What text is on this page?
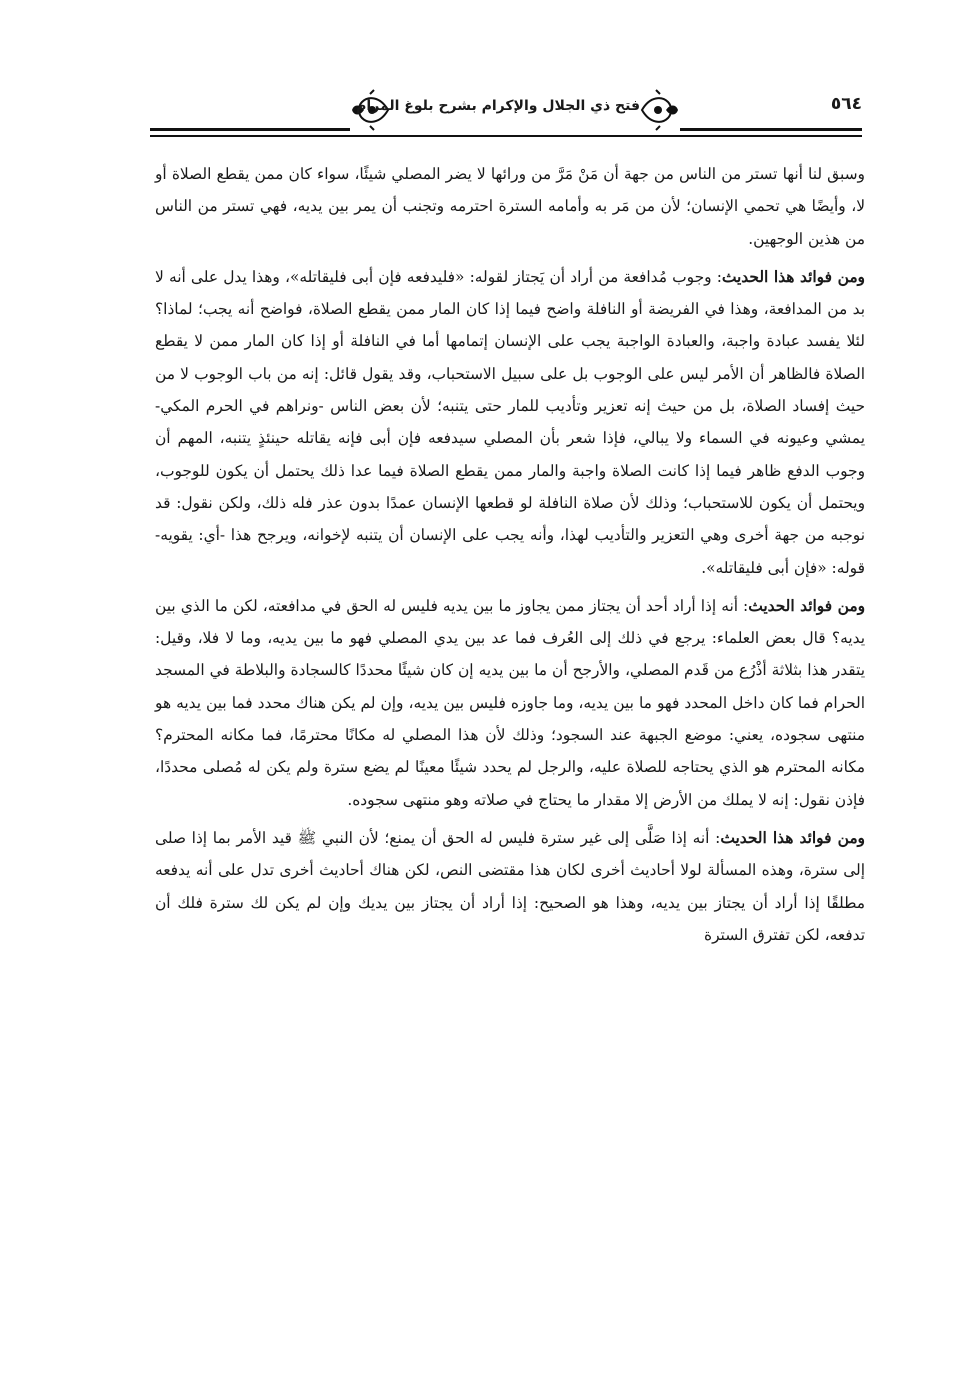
فتح ذي الجلال والإكرام بشرح بلوغ المرام	٥٦٤

وسبق لنا أنها تستر من الناس من جهة أن مَنْ مَرَّ من ورائها لا يضر المصلي شيئًا، سواء كان ممن يقطع الصلاة أو لا، وأيضًا هي تحمي الإنسان؛ لأن من مَر به وأمامه السترة احترمه وتجنب أن يمر بين يديه، فهي تستر من الناس من هذين الوجهين.

ومن فوائد هذا الحديث: وجوب مُدافعة من أراد أن يَجتاز لقوله: «فليدفعه فإن أبى فليقاتله»، وهذا يدل على أنه لا بد من المدافعة، وهذا في الفريضة أو النافلة واضح فيما إذا كان المار ممن يقطع الصلاة، فواضح أنه يجب؛ لماذا؟ لئلا يفسد عبادة واجبة، والعبادة الواجبة يجب على الإنسان إتمامها أما في النافلة أو إذا كان المار ممن لا يقطع الصلاة فالظاهر أن الأمر ليس على الوجوب بل على سبيل الاستحباب، وقد يقول قائل: إنه من باب الوجوب لا من حيث إفساد الصلاة، بل من حيث إنه تعزير وتأديب للمار حتى يتنبه؛ لأن بعض الناس -ونراهم في الحرم المكي- يمشي وعيونه في السماء ولا يبالي، فإذا شعر بأن المصلي سيدفعه فإن أبى فإنه يقاتله حينئذٍ يتنبه، المهم أن وجوب الدفع ظاهر فيما إذا كانت الصلاة واجبة والمار ممن يقطع الصلاة فيما عدا ذلك يحتمل أن يكون للوجوب، ويحتمل أن يكون للاستحباب؛ وذلك لأن صلاة النافلة لو قطعها الإنسان عمدًا بدون عذر فله ذلك، ولكن نقول: قد نوجبه من جهة أخرى وهي التعزير والتأديب لهذا، وأنه يجب على الإنسان أن يتنبه لإخوانه، ويرجح هذا -أي: يقويه- قوله: «فإن أبى فليقاتله».

ومن فوائد الحديث: أنه إذا أراد أحد أن يجتاز ممن يجاوز ما بين يديه فليس له الحق في مدافعته، لكن ما الذي بين يديه؟ قال بعض العلماء: يرجع في ذلك إلى العُرف فما عد بين يدي المصلي فهو ما بين يديه، وما لا فلا، وقيل: يتقدر هذا بثلاثة أذْرُع من قَدم المصلي، والأرجح أن ما بين يديه إن كان شيئًا محددًا كالسجادة والبلاطة في المسجد الحرام فما كان داخل المحدد فهو ما بين يديه، وما جاوزه فليس بين يديه، وإن لم يكن هناك محدد فما بين يديه هو منتهى سجوده، يعني: موضع الجبهة عند السجود؛ وذلك لأن هذا المصلي له مكانًا محترمًا، فما مكانه المحترم؟ مكانه المحترم هو الذي يحتاجه للصلاة عليه، والرجل لم يحدد شيئًا معينًا لم يضع سترة ولم يكن له مُصلى محددًا، فإذن نقول: إنه لا يملك من الأرض إلا مقدار ما يحتاج في صلاته وهو منتهى سجوده.

ومن فوائد هذا الحديث: أنه إذا صَلَّى إلى غير سترة فليس له الحق أن يمنع؛ لأن النبي ﷺ قيد الأمر بما إذا صلى إلى سترة، وهذه المسألة لولا أحاديث أخرى لكان هذا مقتضى النص، لكن هناك أحاديث أخرى تدل على أنه يدفعه مطلقًا إذا أراد أن يجتاز بين يديه، وهذا هو الصحيح: إذا أراد أن يجتاز بين يديك وإن لم يكن لك سترة فلك أن تدفعه، لكن تفترق السترة
